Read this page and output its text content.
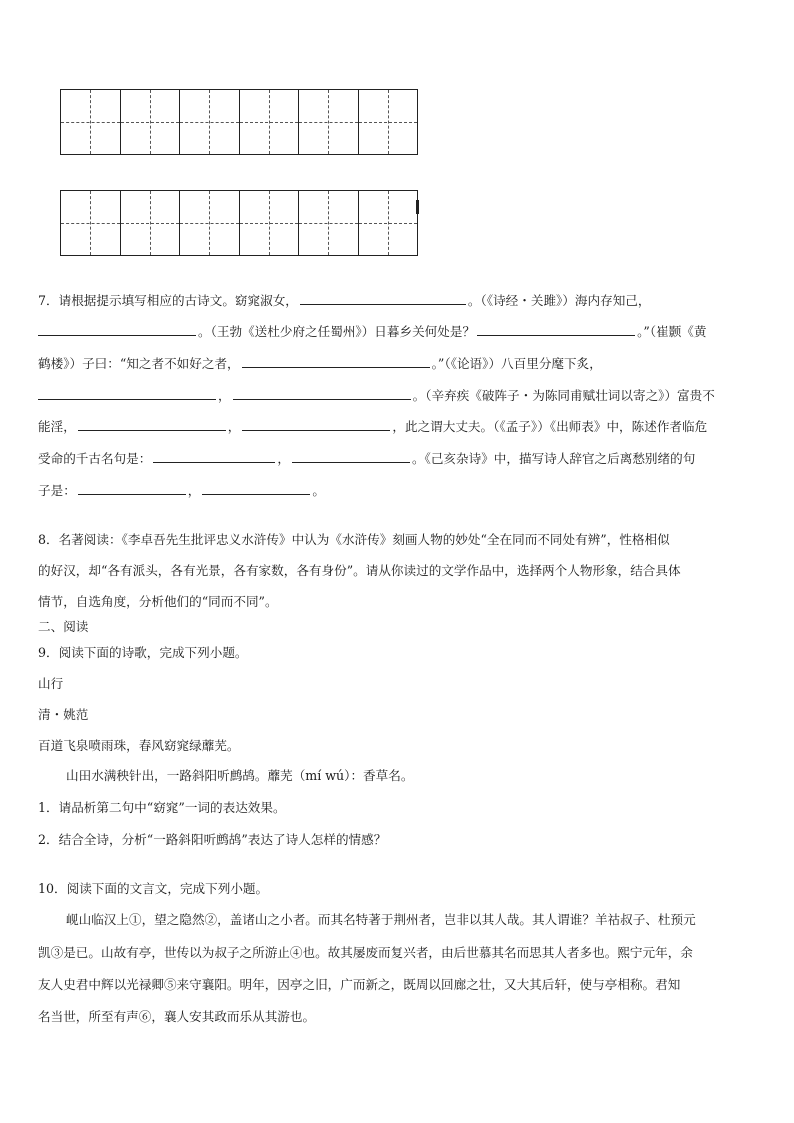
7．请根据提示填写相应的古诗文。窈窕淑女，	。（《诗经・关雎》）海内存知己，
。（王勃《送杜少府之任蜀州》）日暮乡关何处是？	。”（崔颢《黄
鹤楼》）子曰：“知之者不如好之者，	。”（《论语》）八百里分麾下炙，
，	。（辛弃疾《破阵子・为陈同甫赋壮词以寄之》）富贵不
能淫，	，	，此之谓大丈夫。（《孟子》）《出师表》中，陈述作者临危
受命的千古名句是：	，	。《己亥杂诗》中，描写诗人辞官之后离愁别绪的句
子是：	，	。
8．名著阅读：《李卓吾先生批评忠义水浒传》中认为《水浒传》刻画人物的妙处“全在同而不同处有辨”，性格相似
的好汉，却“各有派头，各有光景，各有家数，各有身份”。请从你读过的文学作品中，选择两个人物形象，结合具体
情节，自选角度，分析他们的“同而不同”。
二、阅读
9．阅读下面的诗歌，完成下列小题。
山行
清・姚范
百道飞泉喷雨珠，春风窈窕绿蘼芜。
山田水满秧针出，一路斜阳听鹧鸪。蘼芜（mí wú）：香草名。
1．请品析第二句中“窈窕”一词的表达效果。
2．结合全诗，分析“一路斜阳听鹧鸪”表达了诗人怎样的情感？
10．阅读下面的文言文，完成下列小题。
岘山临汉上①，望之隐然②，盖诸山之小者。而其名特著于荆州者，岂非以其人哉。其人谓谁？羊祜叔子、杜预元
凯③是已。山故有亭，世传以为叔子之所游止④也。故其屡废而复兴者，由后世慕其名而思其人者多也。熙宁元年，余
友人史君中辉以光禄卿⑤来守襄阳。明年，因亭之旧，广而新之，既周以回廊之壮，又大其后轩，使与亭相称。君知
名当世，所至有声⑥，襄人安其政而乐从其游也。
